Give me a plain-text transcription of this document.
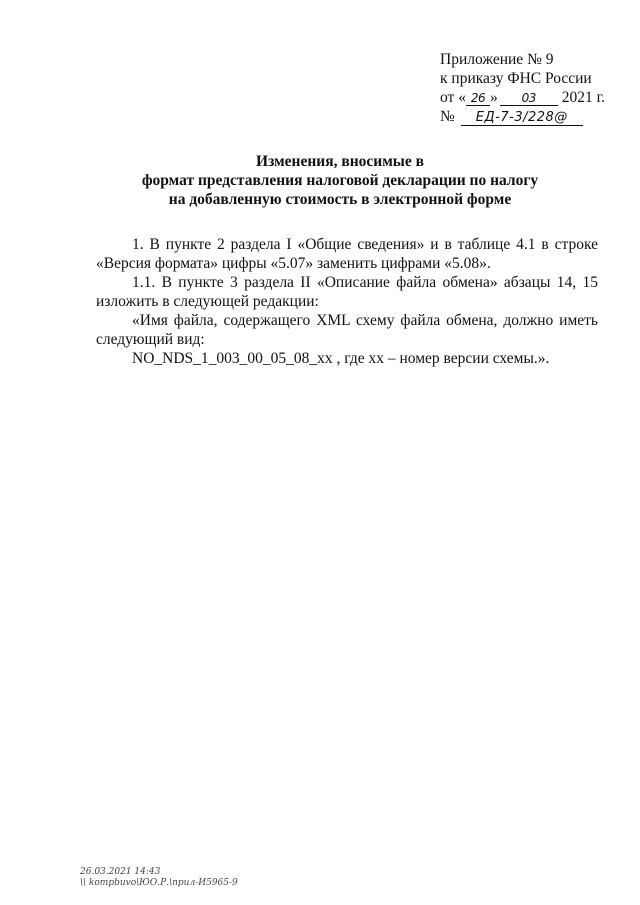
Приложение № 9
к приказу ФНС России
от « 26 » 03 2021 г.
№ ЕД-7-3/228@
Изменения, вносимые в
формат представления налоговой декларации по налогу
на добавленную стоимость в электронной форме

1. В пункте 2 раздела I «Общие сведения» и в таблице 4.1 в строке «Версия формата» цифры «5.07» заменить цифрами «5.08».

1.1. В пункте 3 раздела II «Описание файла обмена» абзацы 14, 15 изложить в следующей редакции:

«Имя файла, содержащего XML схему файла обмена, должно иметь следующий вид:

NO_NDS_1_003_00_05_08_xx , где xx – номер версии схемы.».

26.03.2021 14:43
\\ kompbuvo\ЮО.Р.\прил-И5965-9
